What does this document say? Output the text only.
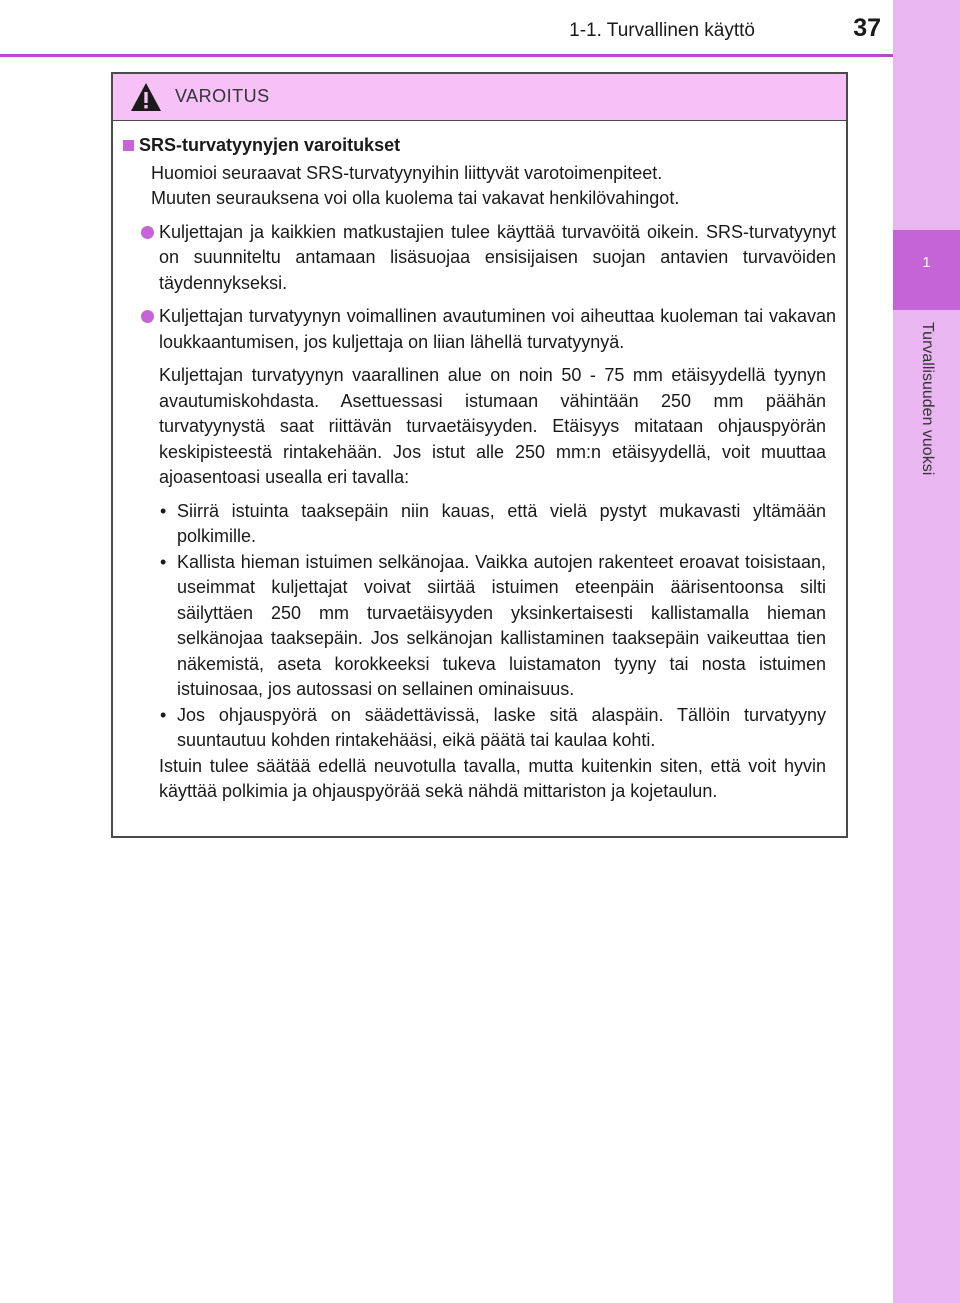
1-1. Turvallinen käyttö	37
1
Turvallisuuden vuoksi
VAROITUS
SRS-turvatyynyjen varoitukset
Huomioi seuraavat SRS-turvatyynyihin liittyvät varotoimenpiteet.
Muuten seurauksena voi olla kuolema tai vakavat henkilövahingot.
Kuljettajan ja kaikkien matkustajien tulee käyttää turvavöitä oikein. SRS-turvatyynyt on suunniteltu antamaan lisäsuojaa ensisijaisen suojan antavien turvavöiden täydennykseksi.
Kuljettajan turvatyynyn voimallinen avautuminen voi aiheuttaa kuoleman tai vakavan loukkaantumisen, jos kuljettaja on liian lähellä turvatyynyä.
Kuljettajan turvatyynyn vaarallinen alue on noin 50 - 75 mm etäisyydellä tyynyn avautumiskohdasta. Asettuessasi istumaan vähintään 250 mm päähän turvatyynystä saat riittävän turvaetäisyyden. Etäisyys mitataan ohjauspyörän keskipisteestä rintakehään. Jos istut alle 250 mm:n etäisyydellä, voit muuttaa ajoasentoasi usealla eri tavalla:
• Siirrä istuinta taaksepäin niin kauas, että vielä pystyt mukavasti yltämään polkimille.
• Kallista hieman istuimen selkänojaa. Vaikka autojen rakenteet eroavat toisistaan, useimmat kuljettajat voivat siirtää istuimen eteenpäin äärisentoonsa silti säilyttäen 250 mm turvaetäisyyden yksinkertaisesti kallistamalla hieman selkänojaa taaksepäin. Jos selkänojan kallistaminen taaksepäin vaikeuttaa tien näkemistä, aseta korokkeeksi tukeva luistamaton tyyny tai nosta istuimen istuinosaa, jos autossasi on sellainen ominaisuus.
• Jos ohjauspyörä on säädettävissä, laske sitä alaspäin. Tällöin turvatyyny suuntautuu kohden rintakehääsi, eikä päätä tai kaulaa kohti.
Istuin tulee säätää edellä neuvotulla tavalla, mutta kuitenkin siten, että voit hyvin käyttää polkimia ja ohjauspyörää sekä nähdä mittariston ja kojetaulun.
